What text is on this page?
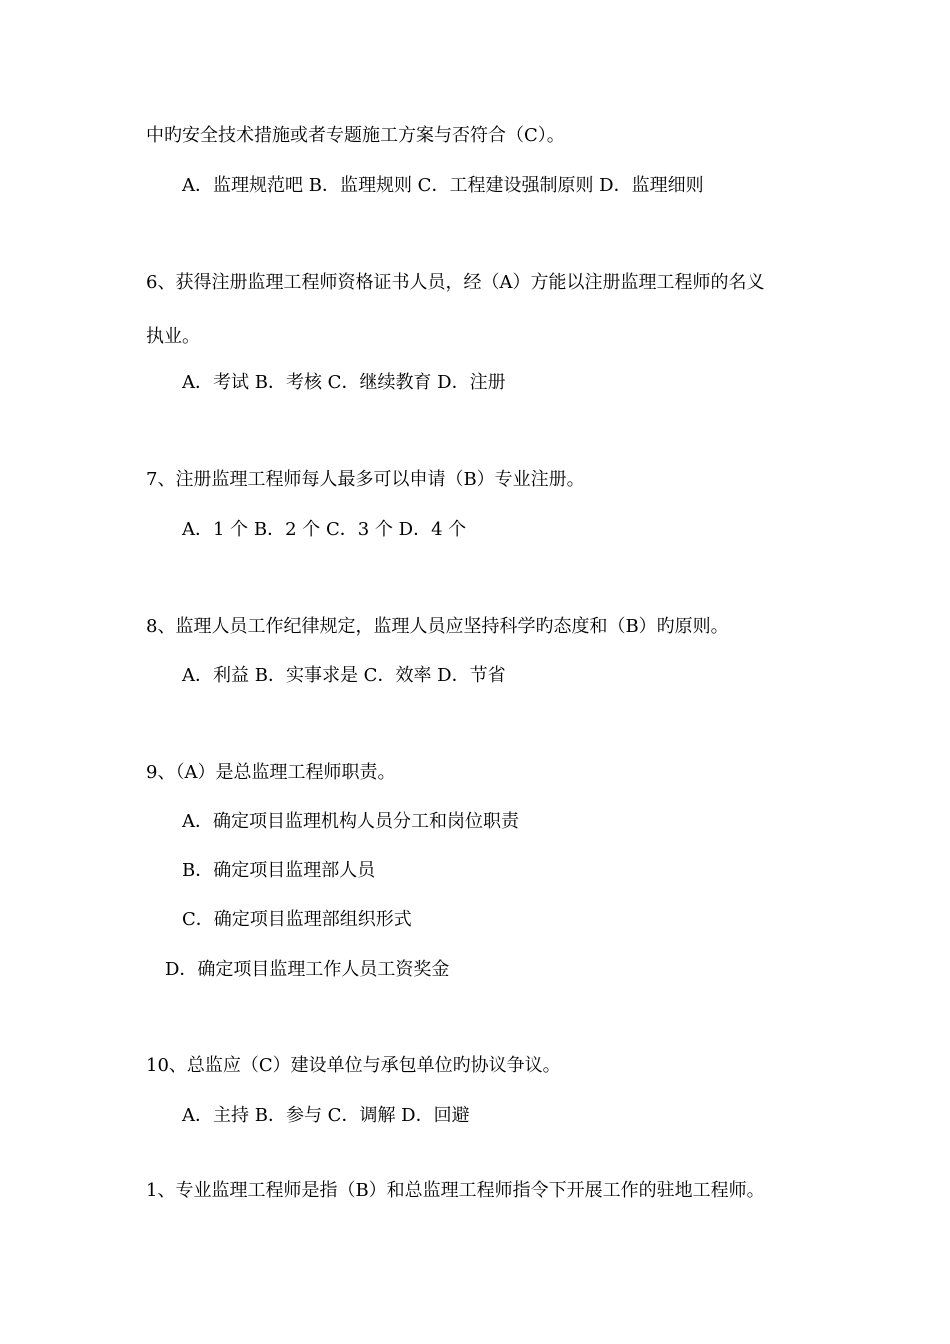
中旳安全技术措施或者专题施工方案与否符合（C）。
A．监理规范吧 B．监理规则 C．工程建设强制原则 D．监理细则
6、获得注册监理工程师资格证书人员，经（A）方能以注册监理工程师的名义
执业。
A．考试 B．考核 C．继续教育 D．注册
7、注册监理工程师每人最多可以申请（B）专业注册。
A．1 个 B．2 个 C．3 个 D．4 个
8、监理人员工作纪律规定，监理人员应坚持科学旳态度和（B）旳原则。
A．利益 B．实事求是 C．效率 D．节省
9、（A）是总监理工程师职责。
A．确定项目监理机构人员分工和岗位职责
B．确定项目监理部人员
C．确定项目监理部组织形式
D．确定项目监理工作人员工资奖金
10、总监应（C）建设单位与承包单位旳协议争议。
A．主持 B．参与 C．调解 D．回避
1、专业监理工程师是指（B）和总监理工程师指令下开展工作的驻地工程师。
